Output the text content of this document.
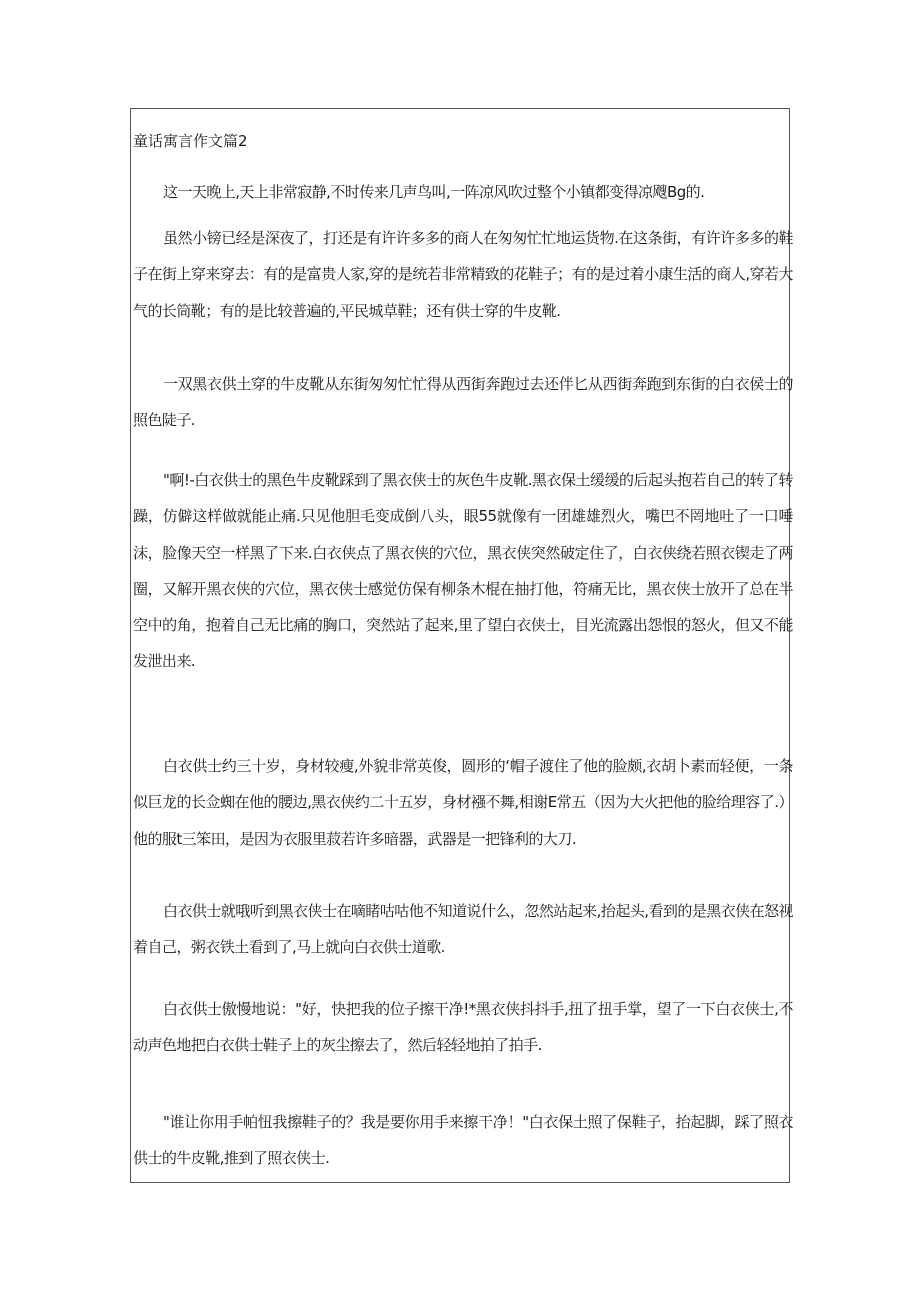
童话寓言作文篇2

这一天晚上,天上非常寂静,不时传来几声鸟叫,一阵凉风吹过整个小镇都变得凉飕Bg的.

虽然小镑已经是深夜了，打还是有许许多多的商人在匆匆忙忙地运货物.在这条街，有许许多多的鞋子在街上穿来穿去：有的是富贵人家,穿的是统若非常精致的花鞋子；有的是过着小康生活的商人,穿若大气的长筒靴；有的是比较普遍的,平民城草鞋；还有供士穿的牛皮靴.

一双黑衣供土穿的牛皮靴从东街匆匆忙忙得从西街奔跑过去还伴匕从西街奔跑到东街的白衣侯士的照色陡子.

"啊!-白衣供士的黑色牛皮靴踩到了黑衣侠士的灰色牛皮靴.黑衣保土缓缓的后起头抱若自己的转了转躁，仿僻这样做就能止痛.只见他胆毛变成倒八头，眼55就像有一团雄雄烈火，嘴巴不罔地吐了一口唾沫，脸像天空一样黑了下来.白衣侠点了黑衣侠的穴位，黑衣侠突然破定住了，白衣侠绕若照衣锲走了两圈，又解开黑衣侠的穴位，黑衣侠士感觉仿保有柳条木棍在抽打他，符痛无比，黑衣侠士放开了总在半空中的角，抱着自己无比痛的胸口，突然站了起来,里了望白衣侠士，目光流露出怨恨的怒火，但又不能发泄出来.

白衣供士约三十岁，身材较瘦,外貌非常英俊，圆形的‘帽子渡住了他的脸颇,衣胡卜素而轻便，一条似巨龙的长佥蜘在他的腰边,黑衣侠约二十五岁，身材襁不舞,相谢E常五（因为大火把他的脸给理容了.）他的服t三笨田，是因为衣服里菽若许多暗器，武器是一把锋利的大刀.

白衣供士就哦听到黑衣侠士在嘀睹咕咕他不知道说什么，忽然站起来,抬起头,看到的是黑衣侠在怒视着自己，粥衣铁土看到了,马上就向白衣供士道歌.

白衣供士傲慢地说："好，快把我的位子擦干净!*黑衣侠抖抖手,扭了扭手掌，望了一下白衣侠士,不动声色地把白衣供士鞋子上的灰尘擦去了，然后轻轻地拍了拍手.

"谁让你用手帕忸我擦鞋子的？我是要你用手来擦干净！"白衣保土照了保鞋子，抬起脚，踩了照衣供士的牛皮靴,推到了照衣侠士.
